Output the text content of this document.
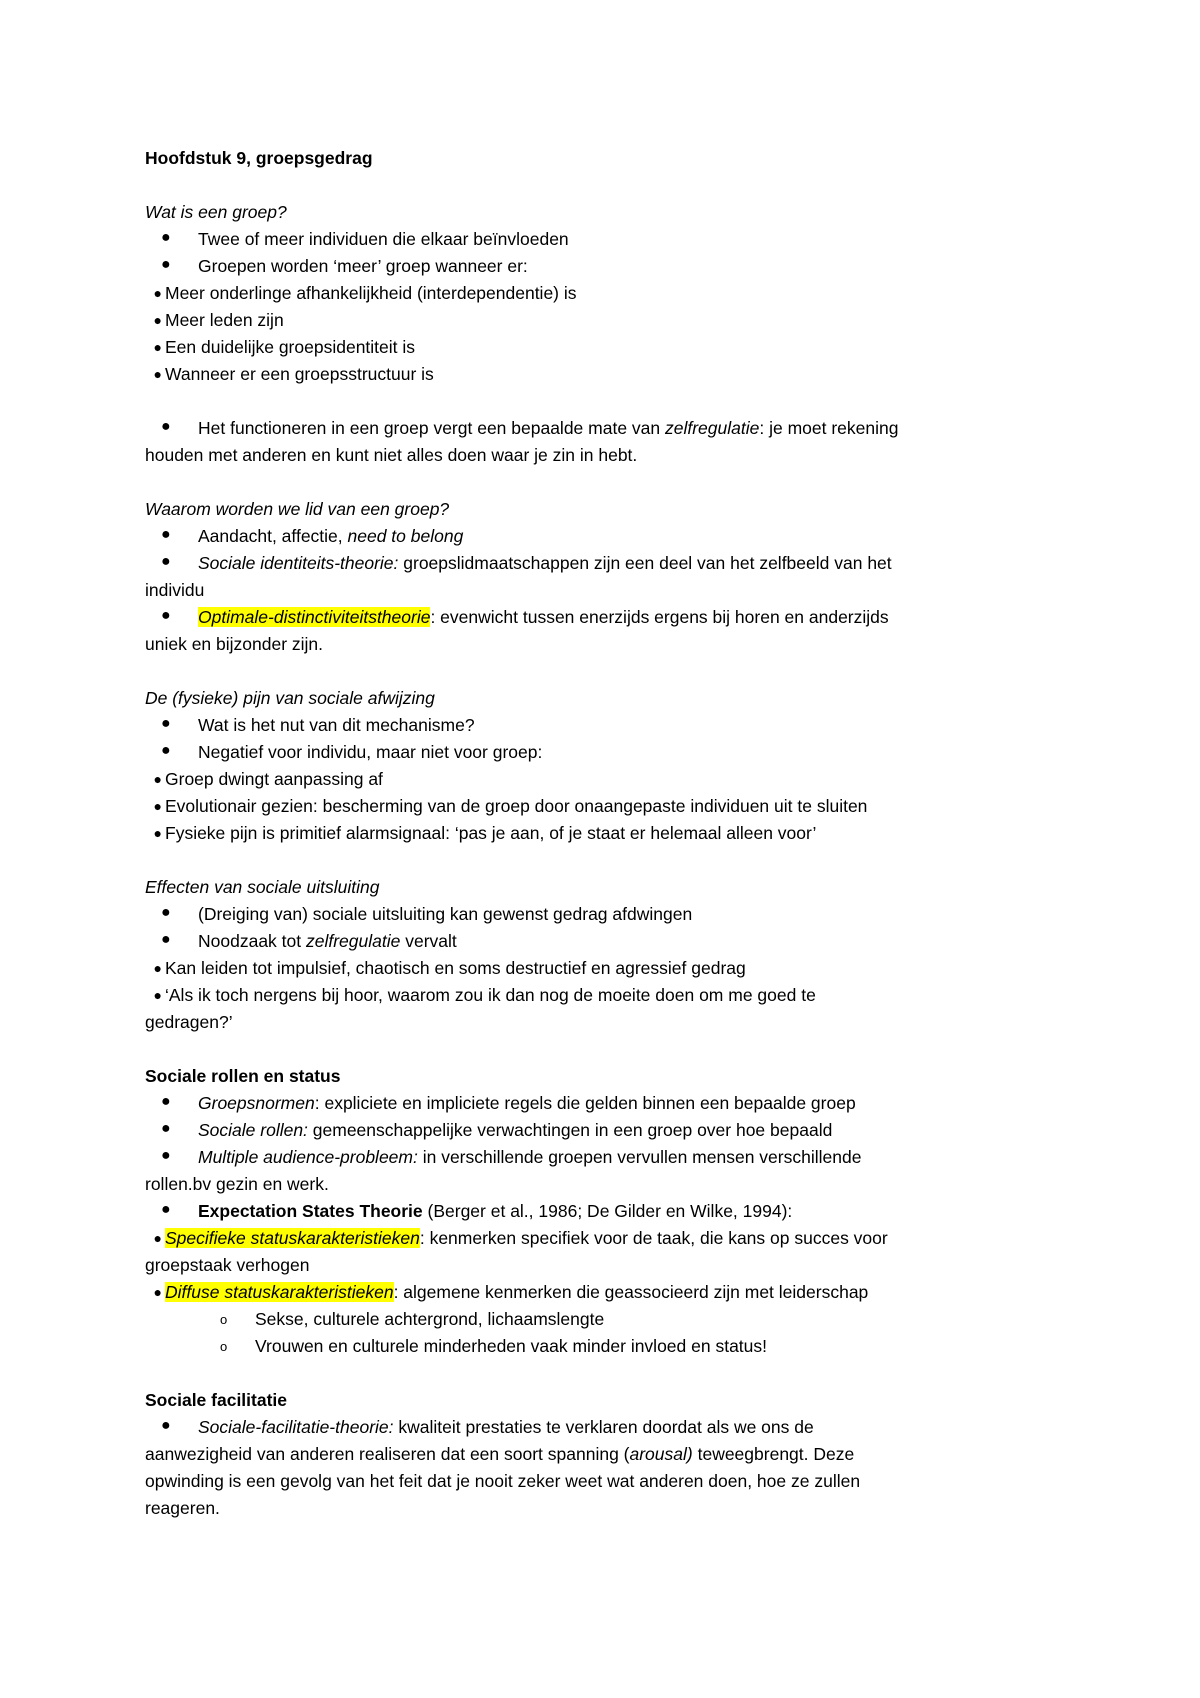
Hoofdstuk 9, groepsgedrag
Wat is een groep?
● Twee of meer individuen die elkaar beïnvloeden
● Groepen worden ‘meer’ groep wanneer er:
● Meer onderlinge afhankelijkheid (interdependentie) is
● Meer leden zijn
● Een duidelijke groepsidentiteit is
● Wanneer er een groepsstructuur is
● Het functioneren in een groep vergt een bepaalde mate van zelfregulatie: je moet rekening
houden met anderen en kunt niet alles doen waar je zin in hebt.
Waarom worden we lid van een groep?
● Aandacht, affectie, need to belong
● Sociale identiteits-theorie: groepslidmaatschappen zijn een deel van het zelfbeeld van het
individu
● Optimale-distinctiviteitstheorie: evenwicht tussen enerzijds ergens bij horen en anderzijds
uniek en bijzonder zijn.
De (fysieke) pijn van sociale afwijzing
● Wat is het nut van dit mechanisme?
● Negatief voor individu, maar niet voor groep:
● Groep dwingt aanpassing af
● Evolutionair gezien: bescherming van de groep door onaangepaste individuen uit te sluiten
● Fysieke pijn is primitief alarmsignaal: ‘pas je aan, of je staat er helemaal alleen voor’
Effecten van sociale uitsluiting
● (Dreiging van) sociale uitsluiting kan gewenst gedrag afdwingen
● Noodzaak tot zelfregulatie vervalt
● Kan leiden tot impulsief, chaotisch en soms destructief en agressief gedrag
● ‘Als ik toch nergens bij hoor, waarom zou ik dan nog de moeite doen om me goed te
gedragen?’
Sociale rollen en status
● Groepsnormen: expliciete en impliciete regels die gelden binnen een bepaalde groep
● Sociale rollen: gemeenschappelijke verwachtingen in een groep over hoe bepaald
● Multiple audience-probleem: in verschillende groepen vervullen mensen verschillende
rollen.bv gezin en werk.
● Expectation States Theorie (Berger et al., 1986; De Gilder en Wilke, 1994):
● Specifieke statuskarakteristieken: kenmerken specifiek voor de taak, die kans op succes voor
groepstaak verhogen
● Diffuse statuskarakteristieken: algemene kenmerken die geassocieerd zijn met leiderschap
o	Sekse, culturele achtergrond, lichaamslengte
o	Vrouwen en culturele minderheden vaak minder invloed en status!
Sociale facilitatie
● Sociale-facilitatie-theorie: kwaliteit prestaties te verklaren doordat als we ons de
aanwezigheid van anderen realiseren dat een soort spanning (arousal) teweegbrengt. Deze
opwinding is een gevolg van het feit dat je nooit zeker weet wat anderen doen, hoe ze zullen
reageren.
